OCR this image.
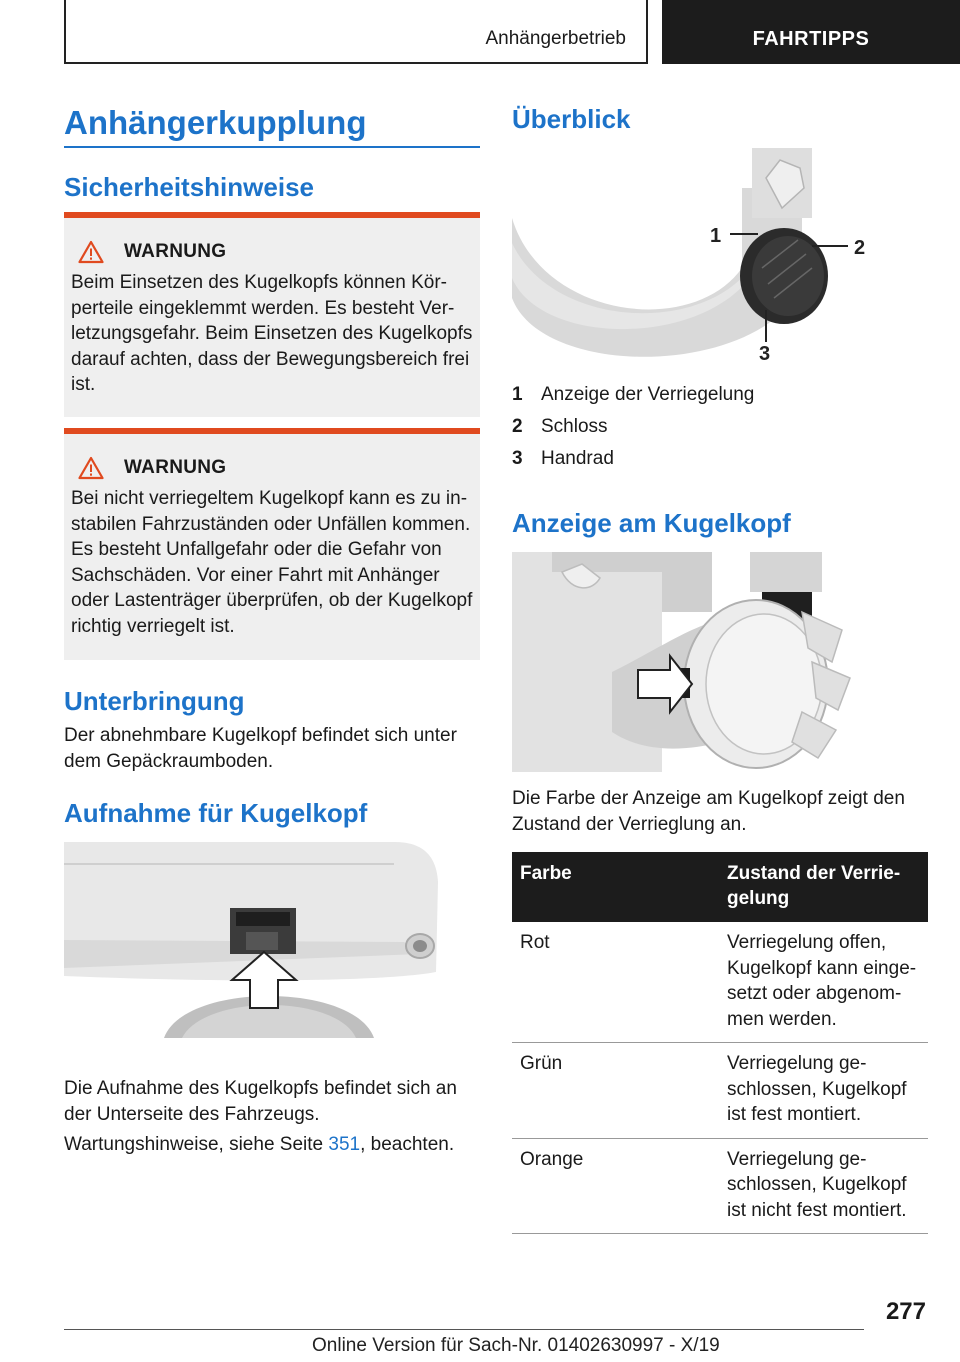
Anhängerbetrieb	FAHRTIPPS
Anhängerkupplung
Sicherheitshinweise
WARNUNG
Beim Einsetzen des Kugelkopfs können Körperteile eingeklemmt werden. Es besteht Verletzungsgefahr. Beim Einsetzen des Kugelkopfs darauf achten, dass der Bewegungsbereich frei ist.
WARNUNG
Bei nicht verriegeltem Kugelkopf kann es zu instabilen Fahrzuständen oder Unfällen kommen. Es besteht Unfallgefahr oder die Gefahr von Sachschäden. Vor einer Fahrt mit Anhänger oder Lastenträger überprüfen, ob der Kugelkopf richtig verriegelt ist.
Unterbringung
Der abnehmbare Kugelkopf befindet sich unter dem Gepäckraumboden.
Aufnahme für Kugelkopf
Die Aufnahme des Kugelkopfs befindet sich an der Unterseite des Fahrzeugs.
Wartungshinweise, siehe Seite 351, beachten.
Überblick
1
2
3
1 Anzeige der Verriegelung
2 Schloss
3 Handrad
Anzeige am Kugelkopf
Die Farbe der Anzeige am Kugelkopf zeigt den Zustand der Verrieglung an.
Farbe	Zustand der Verriegelung
Rot	Verriegelung offen, Kugelkopf kann eingesetzt oder abgenommen werden.
Grün	Verriegelung geschlossen, Kugelkopf ist fest montiert.
Orange	Verriegelung geschlossen, Kugelkopf ist nicht fest montiert.
277
Online Version für Sach-Nr. 01402630997 - X/19
